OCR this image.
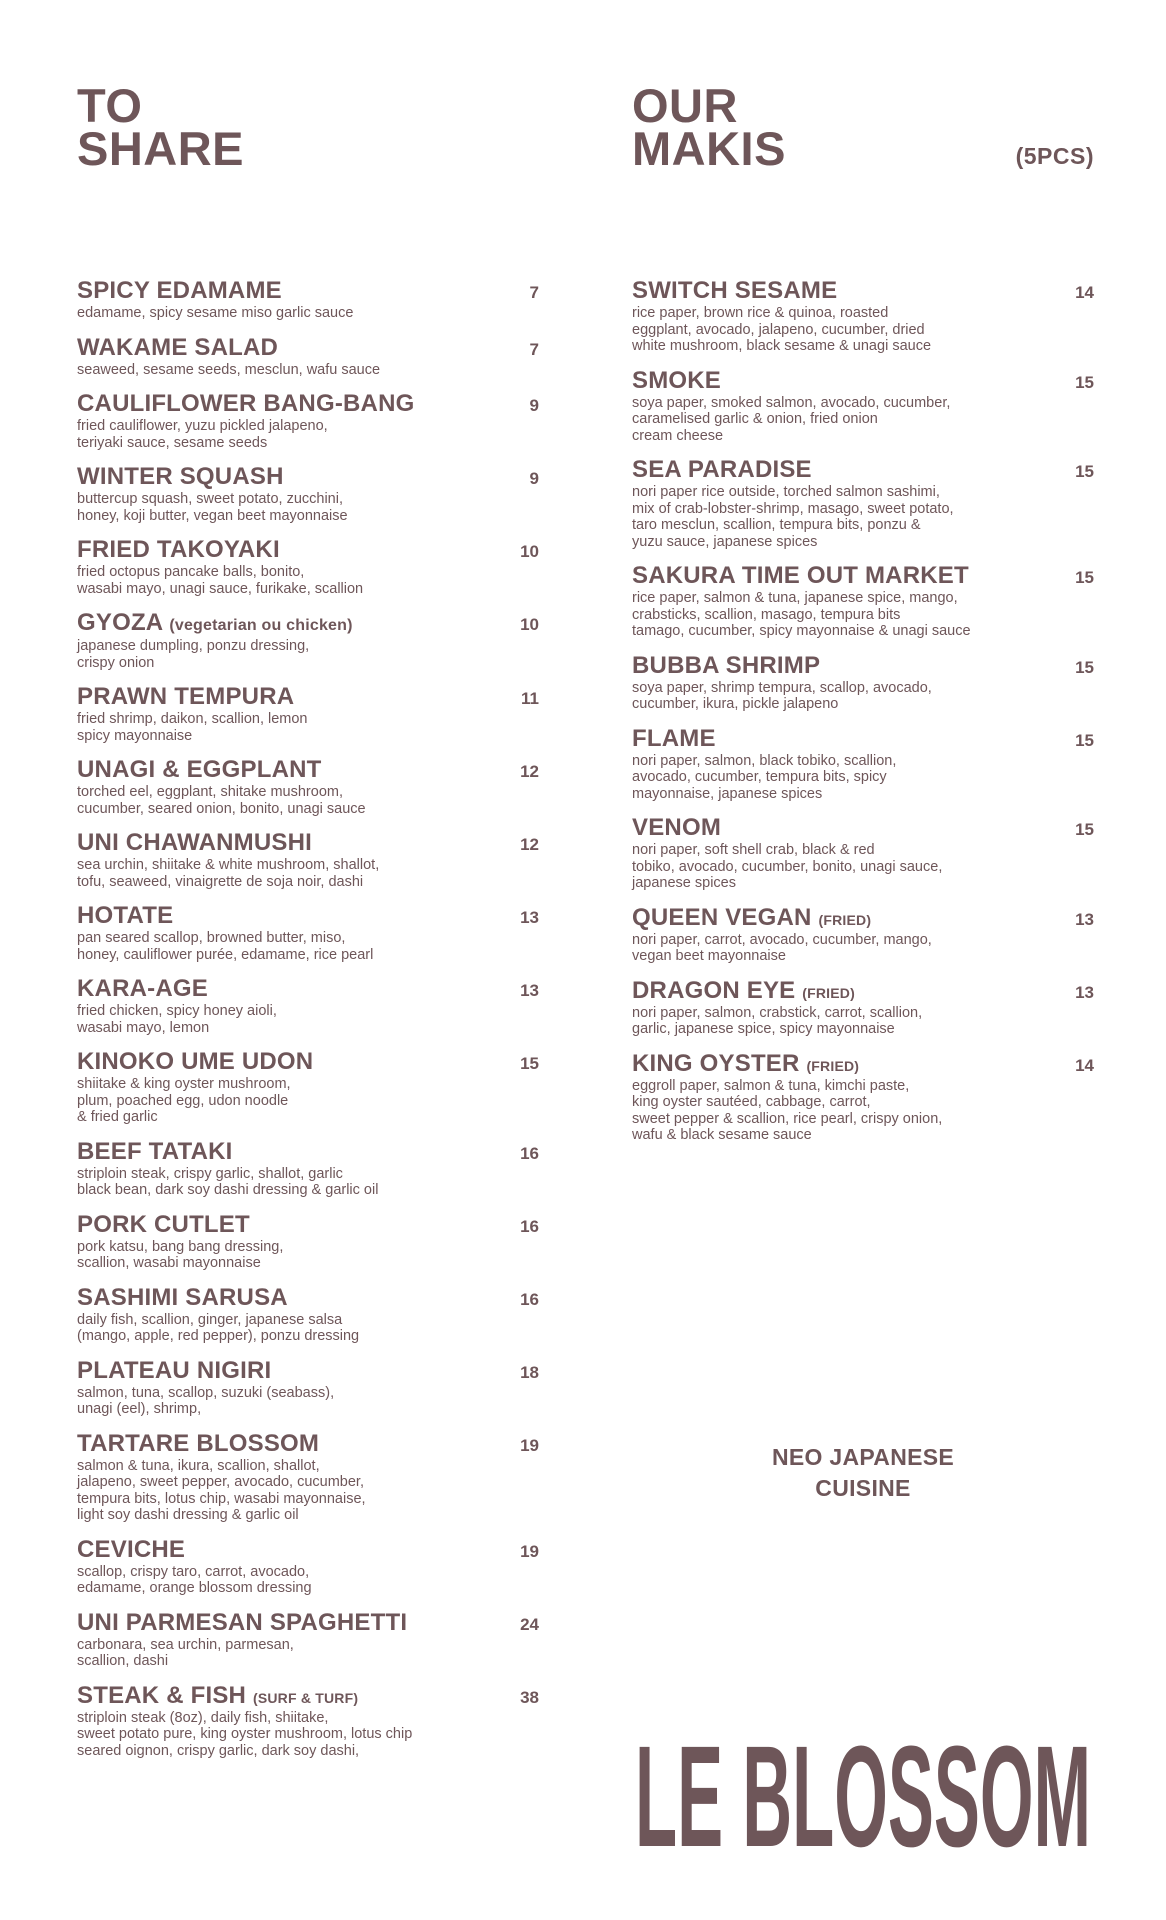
TO
SHARE
SPICY EDAMAME	7
edamame, spicy sesame miso garlic sauce
WAKAME SALAD	7
seaweed, sesame seeds, mesclun, wafu sauce
CAULIFLOWER BANG-BANG	9
fried cauliflower, yuzu pickled jalapeno,
teriyaki sauce, sesame seeds
WINTER SQUASH	9
buttercup squash, sweet potato, zucchini,
honey, koji butter, vegan beet mayonnaise
FRIED TAKOYAKI	10
fried octopus pancake balls, bonito,
wasabi mayo, unagi sauce, furikake, scallion
GYOZA (vegetarian ou chicken)	10
japanese dumpling, ponzu dressing,
crispy onion
PRAWN TEMPURA	11
fried shrimp, daikon, scallion, lemon
spicy mayonnaise
UNAGI & EGGPLANT	12
torched eel, eggplant, shitake mushroom,
cucumber, seared onion, bonito, unagi sauce
UNI CHAWANMUSHI	12
sea urchin, shiitake & white mushroom, shallot,
tofu, seaweed, vinaigrette de soja noir, dashi
HOTATE	13
pan seared scallop, browned butter, miso,
honey, cauliflower purée, edamame, rice pearl
KARA-AGE	13
fried chicken, spicy honey aioli,
wasabi mayo, lemon
KINOKO UME UDON	15
shiitake & king oyster mushroom,
plum, poached egg, udon noodle
& fried garlic
BEEF TATAKI	16
striploin steak, crispy garlic, shallot, garlic
black bean, dark soy dashi dressing & garlic oil
PORK CUTLET	16
pork katsu, bang bang dressing,
scallion, wasabi mayonnaise
SASHIMI SARUSA	16
daily fish, scallion, ginger, japanese salsa
(mango, apple, red pepper), ponzu dressing
PLATEAU NIGIRI	18
salmon, tuna, scallop, suzuki (seabass),
unagi (eel), shrimp,
TARTARE BLOSSOM	19
salmon & tuna, ikura, scallion, shallot,
jalapeno, sweet pepper, avocado, cucumber,
tempura bits, lotus chip, wasabi mayonnaise,
light soy dashi dressing & garlic oil
CEVICHE	19
scallop, crispy taro, carrot, avocado,
edamame, orange blossom dressing
UNI PARMESAN SPAGHETTI	24
carbonara, sea urchin, parmesan,
scallion, dashi
STEAK & FISH (SURF & TURF)	38
striploin steak (8oz), daily fish, shiitake,
sweet potato pure, king oyster mushroom, lotus chip
seared oignon, crispy garlic, dark soy dashi,
OUR
MAKIS	(5PCS)
SWITCH SESAME	14
rice paper, brown rice & quinoa, roasted
eggplant, avocado, jalapeno, cucumber, dried
white mushroom, black sesame & unagi sauce
SMOKE	15
soya paper, smoked salmon, avocado, cucumber,
caramelised garlic & onion, fried onion
cream cheese
SEA PARADISE	15
nori paper rice outside, torched salmon sashimi,
mix of crab-lobster-shrimp, masago, sweet potato,
taro mesclun, scallion, tempura bits, ponzu &
yuzu sauce, japanese spices
SAKURA TIME OUT MARKET	15
rice paper, salmon & tuna, japanese spice, mango,
crabsticks, scallion, masago, tempura bits
tamago, cucumber, spicy mayonnaise & unagi sauce
BUBBA SHRIMP	15
soya paper, shrimp tempura, scallop, avocado,
cucumber, ikura, pickle jalapeno
FLAME	15
nori paper, salmon, black tobiko, scallion,
avocado, cucumber, tempura bits, spicy
mayonnaise, japanese spices
VENOM	15
nori paper, soft shell crab, black & red
tobiko, avocado, cucumber, bonito, unagi sauce,
japanese spices
QUEEN VEGAN (FRIED)	13
nori paper, carrot, avocado, cucumber, mango,
vegan beet mayonnaise
DRAGON EYE (FRIED)	13
nori paper, salmon, crabstick, carrot, scallion,
garlic, japanese spice, spicy mayonnaise
KING OYSTER (FRIED)	14
eggroll paper, salmon & tuna, kimchi paste,
king oyster sautéed, cabbage, carrot,
sweet pepper & scallion, rice pearl, crispy onion,
wafu & black sesame sauce
NEO JAPANESE
CUISINE
LE BLOSSOM
